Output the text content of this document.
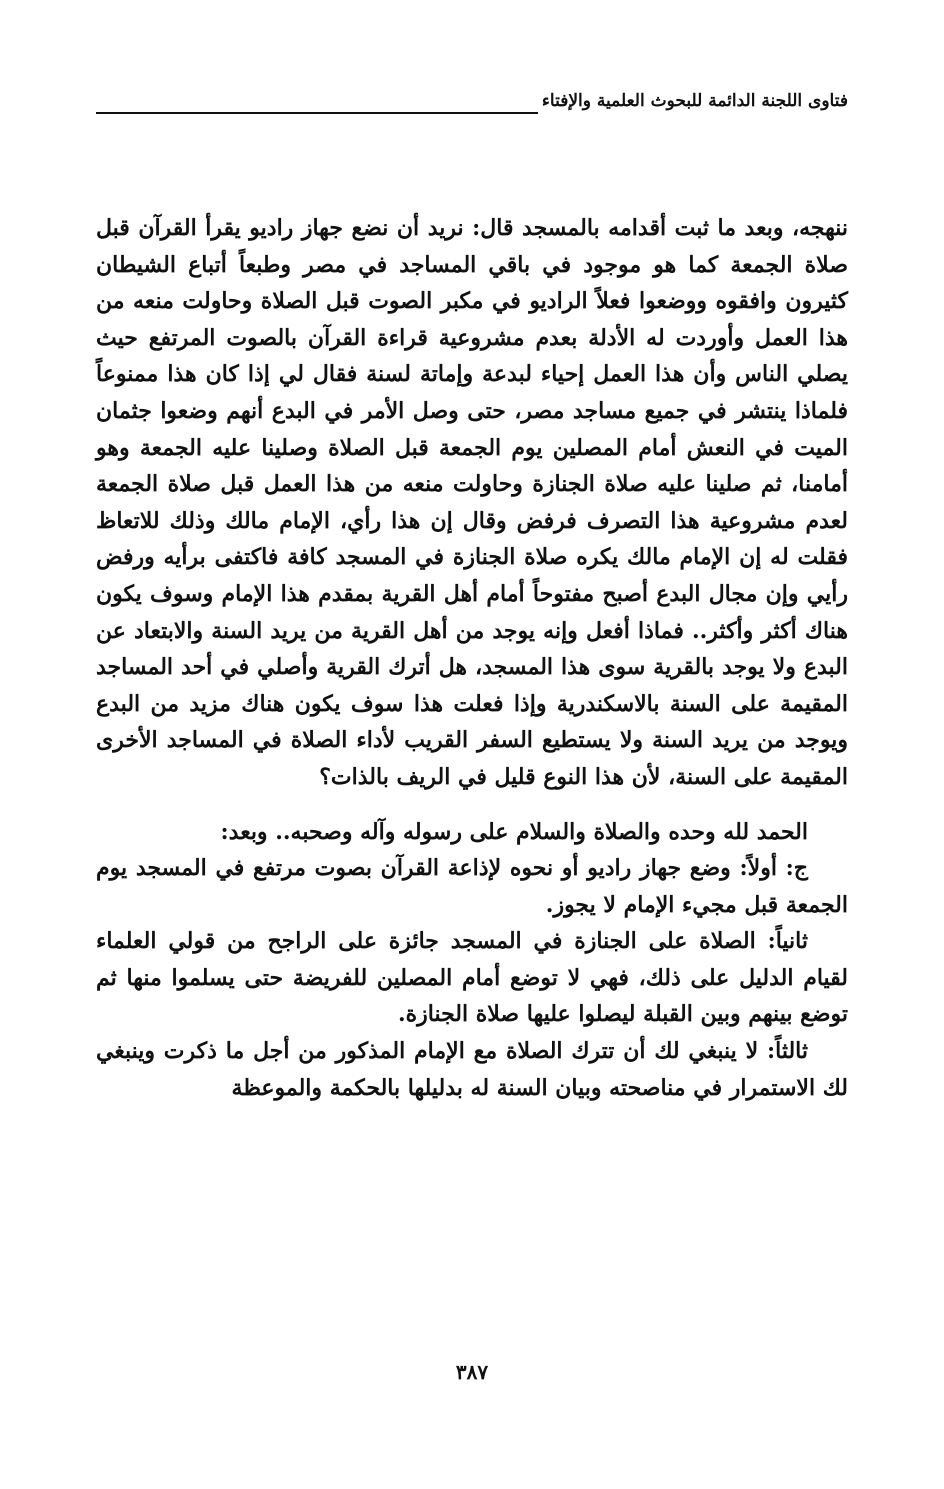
فتاوى اللجنة الدائمة للبحوث العلمية والإفتاء

ننهجه، وبعد ما ثبت أقدامه بالمسجد قال: نريد أن نضع جهاز راديو يقرأ القرآن قبل صلاة الجمعة كما هو موجود في باقي المساجد في مصر وطبعاً أتباع الشيطان كثيرون وافقوه ووضعوا فعلاً الراديو في مكبر الصوت قبل الصلاة وحاولت منعه من هذا العمل وأوردت له الأدلة بعدم مشروعية قراءة القرآن بالصوت المرتفع حيث يصلي الناس وأن هذا العمل إحياء لبدعة وإماتة لسنة فقال لي إذا كان هذا ممنوعاً فلماذا ينتشر في جميع مساجد مصر، حتى وصل الأمر في البدع أنهم وضعوا جثمان الميت في النعش أمام المصلين يوم الجمعة قبل الصلاة وصلينا عليه الجمعة وهو أمامنا، ثم صلينا عليه صلاة الجنازة وحاولت منعه من هذا العمل قبل صلاة الجمعة لعدم مشروعية هذا التصرف فرفض وقال إن هذا رأي، الإمام مالك وذلك للاتعاظ فقلت له إن الإمام مالك يكره صلاة الجنازة في المسجد كافة فاكتفى برأيه ورفض رأيي وإن مجال البدع أصبح مفتوحاً أمام أهل القرية بمقدم هذا الإمام وسوف يكون هناك أكثر وأكثر.. فماذا أفعل وإنه يوجد من أهل القرية من يريد السنة والابتعاد عن البدع ولا يوجد بالقرية سوى هذا المسجد، هل أترك القرية وأصلي في أحد المساجد المقيمة على السنة بالاسكندرية وإذا فعلت هذا سوف يكون هناك مزيد من البدع ويوجد من يريد السنة ولا يستطيع السفر القريب لأداء الصلاة في المساجد الأخرى المقيمة على السنة، لأن هذا النوع قليل في الريف بالذات؟

الحمد لله وحده والصلاة والسلام على رسوله وآله وصحبه.. وبعد:

ج: أولاً: وضع جهاز راديو أو نحوه لإذاعة القرآن بصوت مرتفع في المسجد يوم الجمعة قبل مجيء الإمام لا يجوز.

ثانياً: الصلاة على الجنازة في المسجد جائزة على الراجح من قولي العلماء لقيام الدليل على ذلك، فهي لا توضع أمام المصلين للفريضة حتى يسلموا منها ثم توضع بينهم وبين القبلة ليصلوا عليها صلاة الجنازة.

ثالثاً: لا ينبغي لك أن تترك الصلاة مع الإمام المذكور من أجل ما ذكرت وينبغي لك الاستمرار في مناصحته وبيان السنة له بدليلها بالحكمة والموعظة

٣٨٧
